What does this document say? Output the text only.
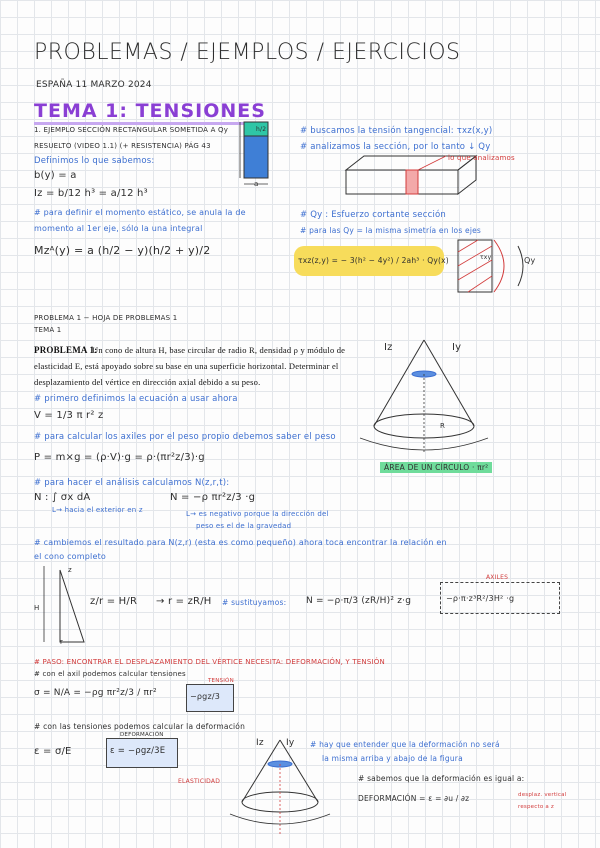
PROBLEMAS / EJEMPLOS / EJERCICIOS
ESPAÑA 11 MARZO 2024
TEMA 1: TENSIONES
1. EJEMPLO SECCIÓN RECTANGULAR SOMETIDA A Qy
RESUELTO (VIDEO 1.1) (+ RESISTENCIA) PÁG 43
Definimos lo que sabemos:
b(y) = a
Iz = b/12 h³ = a/12 h³
# para definir el momento estático, se anula la de
momento al 1er eje, sólo la una integral
Mzᴬ(y) = a (h/2 − y)(h/2 + y)/2
h/2
a
# buscamos la tensión tangencial: τxz(x,y)
# analizamos la sección, por lo tanto ↓ Qy
lo que analizamos
# Qy : Esfuerzo cortante sección
# para las Qy = la misma simetría en los ejes
τxz(z,y) = − 3(h² − 4y²) / 2ah³ · Qy(x)	Qy
τxy
PROBLEMA 1 − HOJA DE PROBLEMAS 1
TEMA 1
PROBLEMA 1:
Un cono de altura H, base circular de radio R, densidad ρ y módulo de
elasticidad E, está apoyado sobre su base en una superficie horizontal. Determinar el
desplazamiento del vértice en dirección axial debido a su peso.
Iz	Iy
R
# primero definimos la ecuación a usar ahora
V = 1/3 π r² z
# para calcular los axiles por el peso propio debemos saber el peso
P = m×g = (ρ·V)·g = ρ·(πr²z/3)·g
ÁREA DE UN CÍRCULO · πr²
# para hacer el análisis calculamos N(z,r,t):
N : ∫ σx dA
L→ hacia el exterior en z
N = −ρ πr²z/3 ·g
L→ es negativo porque la dirección del
peso es el de la gravedad
# cambiemos el resultado para N(z,r) (esta es como pequeño) ahora toca encontrar la relación en
el cono completo
z
H
r
z/r = H/R → r = zR/H # sustituyamos: N = −ρ·π/3 (zR/H)² z·g
AXILES
−ρ·π·z³R²/3H² ·g
# PASO: ENCONTRAR EL DESPLAZAMIENTO DEL VÉRTICE NECESITA: DEFORMACIÓN, Y TENSIÓN
# con el axil podemos calcular tensiones
σ = N/A = −ρg πr²z/3 / πr²
TENSIÓN
−ρgz/3
# con las tensiones podemos calcular la deformación
ε = σ/E
DEFORMACIÓN
ε = −ρgz/3E
ELASTICIDAD
Iz Iy # hay que entender que la deformación no será
la misma arriba y abajo de la figura
# sabemos que la deformación es igual a:
DEFORMACIÓN = ε = ∂u / ∂z	desplaz. vertical
respecto a z
